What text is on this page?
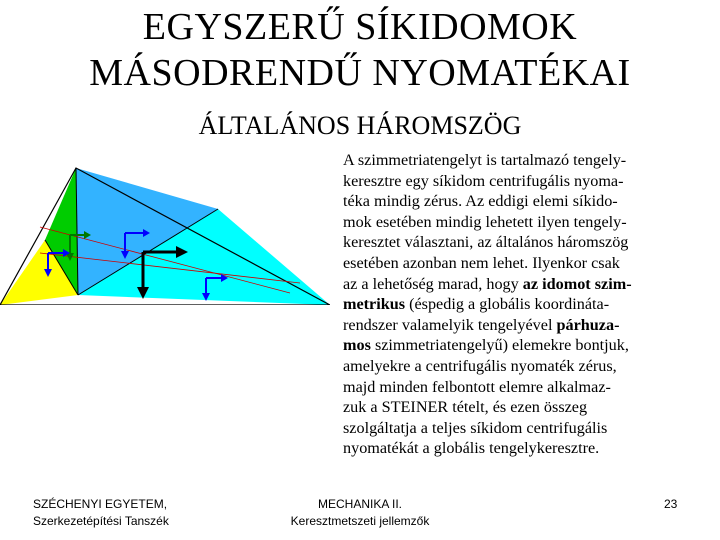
EGYSZERŰ SÍKIDOMOK
MÁSODRENDŰ NYOMATÉKAI
ÁLTALÁNOS HÁROMSZÖG
A szimmetriatengelyt is tartalmazó tengely-
keresztre egy síkidom centrifugális nyoma-
téka mindig zérus. Az eddigi elemi síkido-
mok esetében mindig lehetett ilyen tengely-
keresztet választani, az általános háromszög
esetében azonban nem lehet. Ilyenkor csak
az a lehetőség marad, hogy az idomot szim-
metrikus (éspedig a globális koordináta-
rendszer valamelyik tengelyével párhuza-
mos szimmetriatengelyű) elemekre bontjuk,
amelyekre a centrifugális nyomaték zérus,
majd minden felbontott elemre alkalmaz-
zuk a STEINER tételt, és ezen összeg
szolgáltatja a teljes síkidom centrifugális
nyomatékát a globális tengelykeresztre.
SZÉCHENYI EGYETEM,
Szerkezetépítési Tanszék
MECHANIKA II.
Keresztmetszeti jellemzők
23
